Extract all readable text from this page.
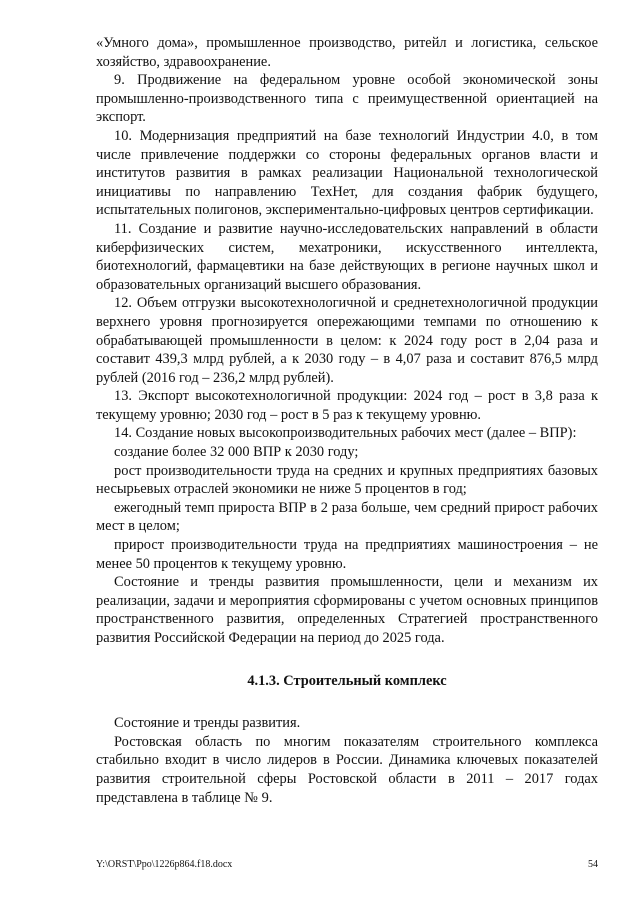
«Умного дома», промышленное производство, ритейл и логистика, сельское хозяйство, здравоохранение.

9. Продвижение на федеральном уровне особой экономической зоны промышленно-производственного типа с преимущественной ориентацией на экспорт.

10. Модернизация предприятий на базе технологий Индустрии 4.0, в том числе привлечение поддержки со стороны федеральных органов власти и институтов развития в рамках реализации Национальной технологической инициативы по направлению ТехНет, для создания фабрик будущего, испытательных полигонов, экспериментально-цифровых центров сертификации.

11. Создание и развитие научно-исследовательских направлений в области киберфизических систем, мехатроники, искусственного интеллекта, биотехнологий, фармацевтики на базе действующих в регионе научных школ и образовательных организаций высшего образования.

12. Объем отгрузки высокотехнологичной и среднетехнологичной продукции верхнего уровня прогнозируется опережающими темпами по отношению к обрабатывающей промышленности в целом: к 2024 году рост в 2,04 раза и составит 439,3 млрд рублей, а к 2030 году – в 4,07 раза и составит 876,5 млрд рублей (2016 год – 236,2 млрд рублей).

13. Экспорт высокотехнологичной продукции: 2024 год – рост в 3,8 раза к текущему уровню; 2030 год – рост в 5 раз к текущему уровню.

14. Создание новых высокопроизводительных рабочих мест (далее – ВПР):

создание более 32 000 ВПР к 2030 году;

рост производительности труда на средних и крупных предприятиях базовых несырьевых отраслей экономики не ниже 5 процентов в год;

ежегодный темп прироста ВПР в 2 раза больше, чем средний прирост рабочих мест в целом;

прирост производительности труда на предприятиях машиностроения – не менее 50 процентов к текущему уровню.

Состояние и тренды развития промышленности, цели и механизм их реализации, задачи и мероприятия сформированы с учетом основных принципов пространственного развития, определенных Стратегией пространственного развития Российской Федерации на период до 2025 года.

4.1.3. Строительный комплекс

Состояние и тренды развития.

Ростовская область по многим показателям строительного комплекса стабильно входит в число лидеров в России. Динамика ключевых показателей развития строительной сферы Ростовской области в 2011 – 2017 годах представлена в таблице № 9.

Y:\ORST\Ppo\1226p864.f18.docx	54
